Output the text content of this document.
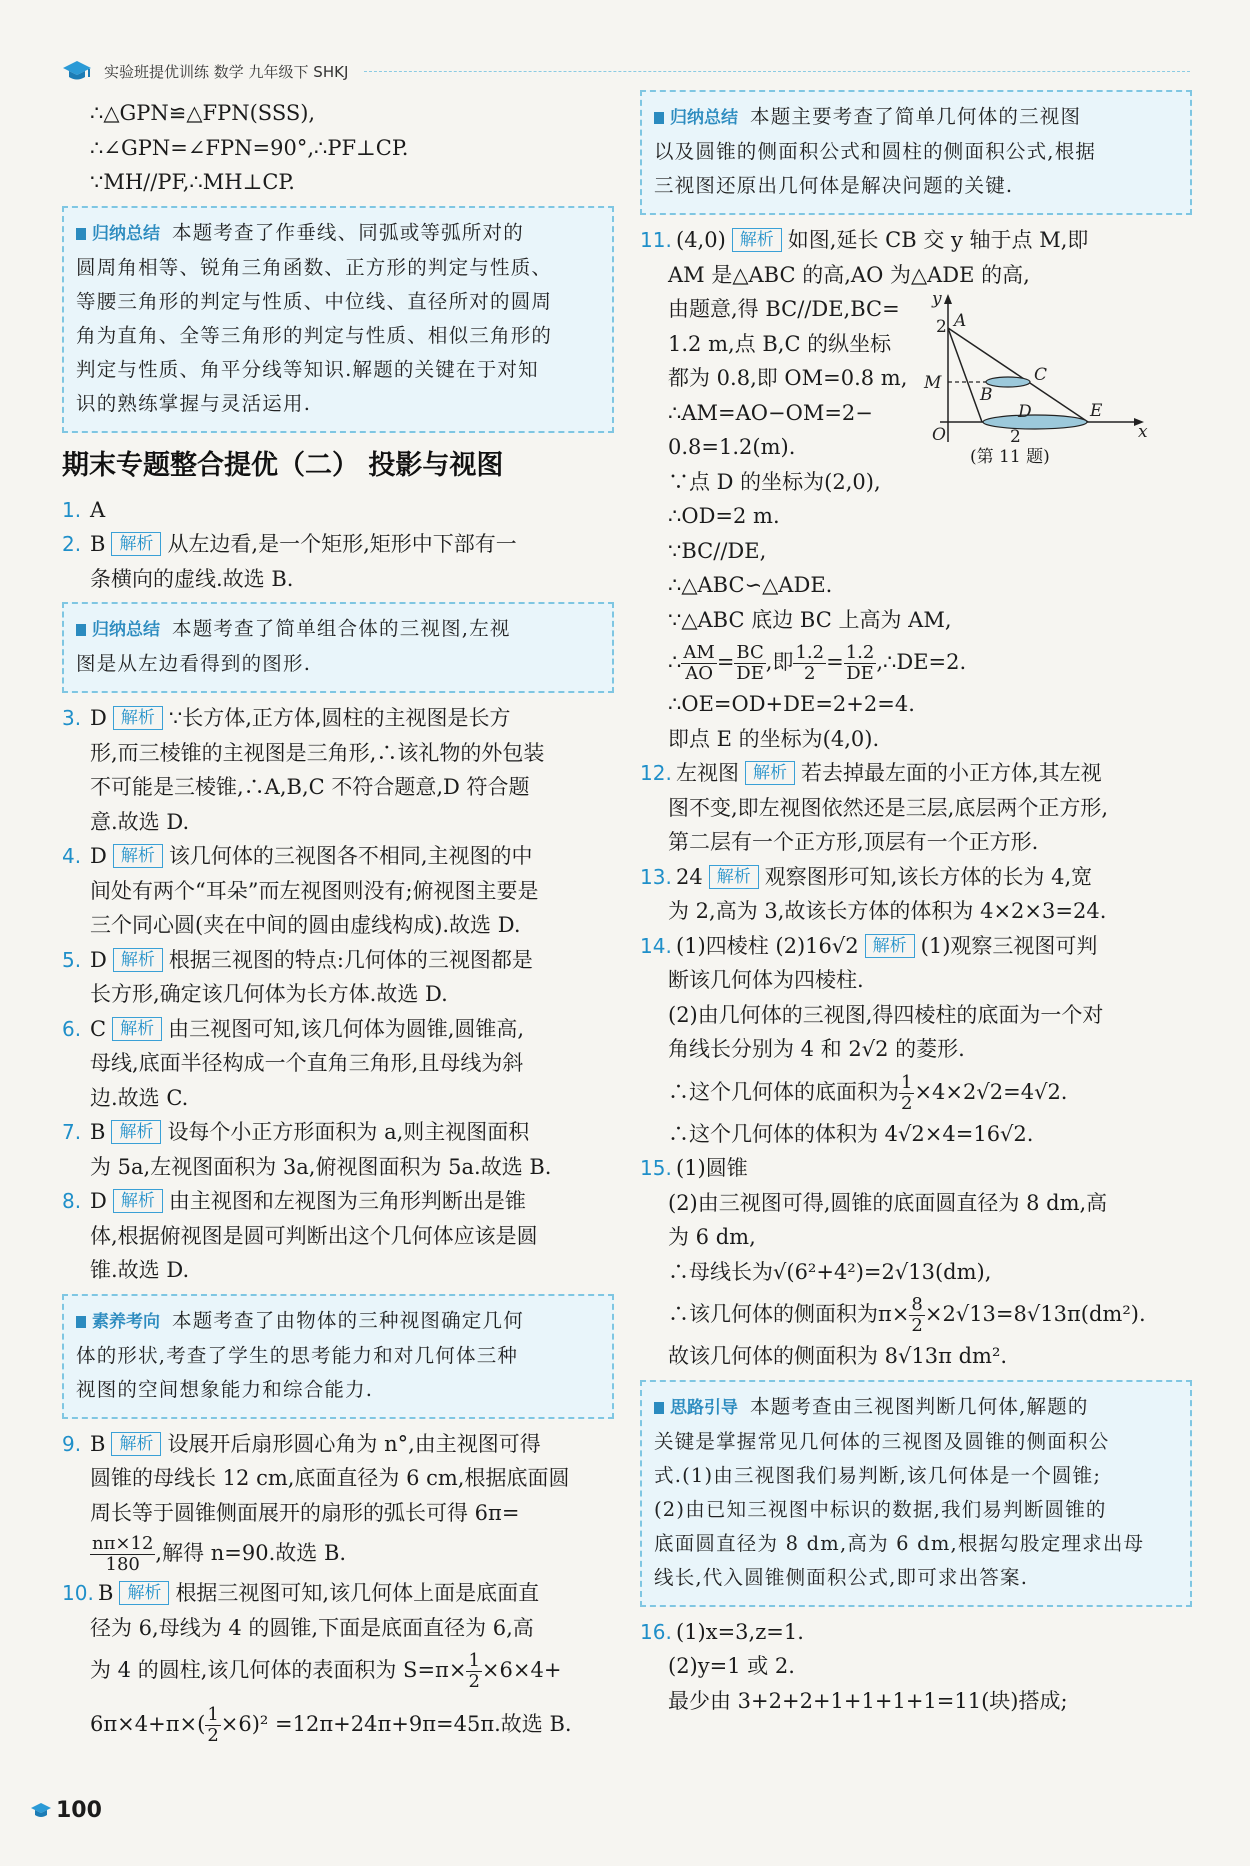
实验班提优训练 数学 九年级下 SHKJ
∴△GPN≌△FPN(SSS),
∴∠GPN=∠FPN=90°,∴PF⊥CP.
∵MH//PF,∴MH⊥CP.
归纳总结 本题考查了作垂线、同弧或等弧所对的
圆周角相等、锐角三角函数、正方形的判定与性质、
等腰三角形的判定与性质、中位线、直径所对的圆周
角为直角、全等三角形的判定与性质、相似三角形的
判定与性质、角平分线等知识.解题的关键在于对知
识的熟练掌握与灵活运用.
期末专题整合提优（二） 投影与视图
1. A
2. B 解析 从左边看,是一个矩形,矩形中下部有一
条横向的虚线.故选 B.
归纳总结 本题考查了简单组合体的三视图,左视
图是从左边看得到的图形.
3. D 解析 ∵长方体,正方体,圆柱的主视图是长方
形,而三棱锥的主视图是三角形,∴该礼物的外包装
不可能是三棱锥,∴A,B,C 不符合题意,D 符合题
意.故选 D.
4. D 解析 该几何体的三视图各不相同,主视图的中
间处有两个“耳朵”而左视图则没有;俯视图主要是
三个同心圆(夹在中间的圆由虚线构成).故选 D.
5. D 解析 根据三视图的特点:几何体的三视图都是
长方形,确定该几何体为长方体.故选 D.
6. C 解析 由三视图可知,该几何体为圆锥,圆锥高,
母线,底面半径构成一个直角三角形,且母线为斜
边.故选 C.
7. B 解析 设每个小正方形面积为 a,则主视图面积
为 5a,左视图面积为 3a,俯视图面积为 5a.故选 B.
8. D 解析 由主视图和左视图为三角形判断出是锥
体,根据俯视图是圆可判断出这个几何体应该是圆
锥.故选 D.
素养考向 本题考查了由物体的三种视图确定几何
体的形状,考查了学生的思考能力和对几何体三种
视图的空间想象能力和综合能力.
9. B 解析 设展开后扇形圆心角为 n°,由主视图可得
圆锥的母线长 12 cm,底面直径为 6 cm,根据底面圆
周长等于圆锥侧面展开的扇形的弧长可得 6π=
$\frac{n\pi\times 12}{180}$ ,解得 n=90.故选 B.
10. B 解析 根据三视图可知,该几何体上面是底面直
径为 6,母线为 4 的圆锥,下面是底面直径为 6,高
为 4 的圆柱,该几何体的表面积为 $S=\pi\times \frac{1}{2} \times 6\times 4+$
$6\pi\times 4+\pi\times( \frac{1}{2} \times 6)^2 =12\pi+24\pi+9\pi=45\pi$.故选 B.
归纳总结 本题主要考查了简单几何体的三视图
以及圆锥的侧面积公式和圆柱的侧面积公式,根据
三视图还原出几何体是解决问题的关键.
11. (4,0) 解析 如图,延长 CB 交 y 轴于点 M,即
AM 是△ABC 的高,AO 为△ADE 的高,
由题意,得 BC//DE,BC=
1.2 m,点 B,C 的纵坐标
都为 0.8,即 OM=0.8 m,
∴AM=AO−OM=2−
0.8=1.2(m).
y
x
A
2
C
M
B
D	E
O	2
(第 11 题)
∵点 D 的坐标为(2,0),
∴OD=2 m.
∵BC//DE,
∴△ABC∽△ADE.
∵△ABC 底边 BC 上高为 AM,
∴ $\frac{AM}{AO} = \frac{BC}{DE}$ ,即 $\frac{1.2}{2} = \frac{1.2}{DE}$ ,∴DE=2.
∴OE=OD+DE=2+2=4.
即点 E 的坐标为(4,0).
12. 左视图 解析 若去掉最左面的小正方体,其左视
图不变,即左视图依然还是三层,底层两个正方形,
第二层有一个正方形,顶层有一个正方形.
13. 24 解析 观察图形可知,该长方体的长为 4,宽
为 2,高为 3,故该长方体的体积为 4×2×3=24.
14. (1)四棱柱 (2)16√2 解析 (1)观察三视图可判
断该几何体为四棱柱.
(2)由几何体的三视图,得四棱柱的底面为一个对
角线长分别为 4 和 2√2 的菱形.
∴这个几何体的底面积为 $\frac{1}{2} \times 4\times 2√2=4√2$.
∴这个几何体的体积为 4√2×4=16√2.
15. (1)圆锥
(2)由三视图可得,圆锥的底面圆直径为 8 dm,高
为 6 dm,
∴母线长为√(6²+4²)=2√13(dm),
∴该几何体的侧面积为$\pi\times \frac{8}{2} \times 2√13=8√13\pi(dm^2)$.
故该几何体的侧面积为 8√13π dm².
思路引导 本题考查由三视图判断几何体,解题的
关键是掌握常见几何体的三视图及圆锥的侧面积公
式.(1)由三视图我们易判断,该几何体是一个圆锥;
(2)由已知三视图中标识的数据,我们易判断圆锥的
底面圆直径为 8 dm,高为 6 dm,根据勾股定理求出母
线长,代入圆锥侧面积公式,即可求出答案.
16. (1)x=3,z=1.
(2)y=1 或 2.
最少由 3+2+2+1+1+1+1=11(块)搭成;
100
